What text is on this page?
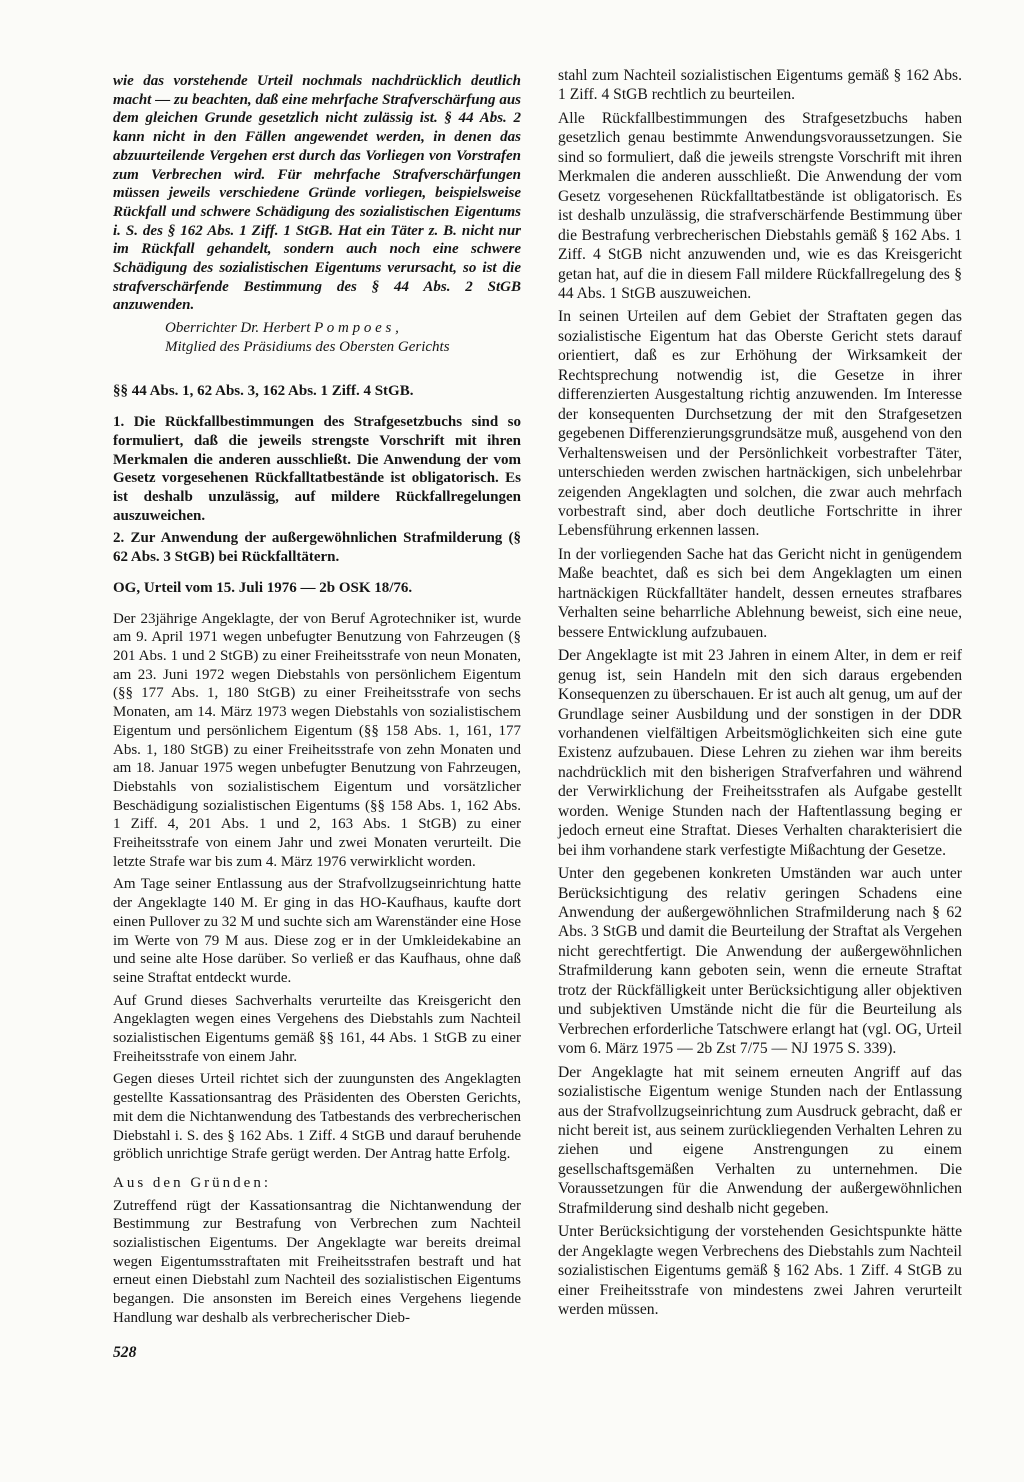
wie das vorstehende Urteil nochmals nachdrücklich deutlich macht — zu beachten, daß eine mehrfache Strafverschärfung aus dem gleichen Grunde gesetzlich nicht zulässig ist. § 44 Abs. 2 kann nicht in den Fällen angewendet werden, in denen das abzuurteilende Vergehen erst durch das Vorliegen von Vorstrafen zum Verbrechen wird. Für mehrfache Strafverschärfungen müssen jeweils verschiedene Gründe vorliegen, beispielsweise Rückfall und schwere Schädigung des sozialistischen Eigentums i. S. des § 162 Abs. 1 Ziff. 1 StGB. Hat ein Täter z. B. nicht nur im Rückfall gehandelt, sondern auch noch eine schwere Schädigung des sozialistischen Eigentums verursacht, so ist die strafverschärfende Bestimmung des § 44 Abs. 2 StGB anzuwenden.

Oberrichter Dr. Herbert P o m p o e s ,
Mitglied des Präsidiums des Obersten Gerichts

§§ 44 Abs. 1, 62 Abs. 3, 162 Abs. 1 Ziff. 4 StGB.

1. Die Rückfallbestimmungen des Strafgesetzbuchs sind so formuliert, daß die jeweils strengste Vorschrift mit ihren Merkmalen die anderen ausschließt. Die Anwendung der vom Gesetz vorgesehenen Rückfalltatbestände ist obligatorisch. Es ist deshalb unzulässig, auf mildere Rückfallregelungen auszuweichen.

2. Zur Anwendung der außergewöhnlichen Strafmilderung (§ 62 Abs. 3 StGB) bei Rückfalltätern.

OG, Urteil vom 15. Juli 1976 — 2b OSK 18/76.

Der 23jährige Angeklagte, der von Beruf Agrotechniker ist, wurde am 9. April 1971 wegen unbefugter Benutzung von Fahrzeugen (§ 201 Abs. 1 und 2 StGB) zu einer Freiheitsstrafe von neun Monaten, am 23. Juni 1972 wegen Diebstahls von persönlichem Eigentum (§§ 177 Abs. 1, 180 StGB) zu einer Freiheitsstrafe von sechs Monaten, am 14. März 1973 wegen Diebstahls von sozialistischem Eigentum und persönlichem Eigentum (§§ 158 Abs. 1, 161, 177 Abs. 1, 180 StGB) zu einer Freiheitsstrafe von zehn Monaten und am 18. Januar 1975 wegen unbefugter Benutzung von Fahrzeugen, Diebstahls von sozialistischem Eigentum und vorsätzlicher Beschädigung sozialistischen Eigentums (§§ 158 Abs. 1, 162 Abs. 1 Ziff. 4, 201 Abs. 1 und 2, 163 Abs. 1 StGB) zu einer Freiheitsstrafe von einem Jahr und zwei Monaten verurteilt. Die letzte Strafe war bis zum 4. März 1976 verwirklicht worden.

Am Tage seiner Entlassung aus der Strafvollzugseinrichtung hatte der Angeklagte 140 M. Er ging in das HO-Kaufhaus, kaufte dort einen Pullover zu 32 M und suchte sich am Warenständer eine Hose im Werte von 79 M aus. Diese zog er in der Umkleidekabine an und seine alte Hose darüber. So verließ er das Kaufhaus, ohne daß seine Straftat entdeckt wurde.

Auf Grund dieses Sachverhalts verurteilte das Kreisgericht den Angeklagten wegen eines Vergehens des Diebstahls zum Nachteil sozialistischen Eigentums gemäß §§ 161, 44 Abs. 1 StGB zu einer Freiheitsstrafe von einem Jahr.

Gegen dieses Urteil richtet sich der zuungunsten des Angeklagten gestellte Kassationsantrag des Präsidenten des Obersten Gerichts, mit dem die Nichtanwendung des Tatbestands des verbrecherischen Diebstahl i. S. des § 162 Abs. 1 Ziff. 4 StGB und darauf beruhende gröblich unrichtige Strafe gerügt werden. Der Antrag hatte Erfolg.

Aus den Gründen:

Zutreffend rügt der Kassationsantrag die Nichtanwendung der Bestimmung zur Bestrafung von Verbrechen zum Nachteil sozialistischen Eigentums. Der Angeklagte war bereits dreimal wegen Eigentumsstraftaten mit Freiheitsstrafen bestraft und hat erneut einen Diebstahl zum Nachteil des sozialistischen Eigentums begangen. Die ansonsten im Bereich eines Vergehens liegende Handlung war deshalb als verbrecherischer Dieb-

stahl zum Nachteil sozialistischen Eigentums gemäß § 162 Abs. 1 Ziff. 4 StGB rechtlich zu beurteilen.

Alle Rückfallbestimmungen des Strafgesetzbuchs haben gesetzlich genau bestimmte Anwendungsvoraussetzungen. Sie sind so formuliert, daß die jeweils strengste Vorschrift mit ihren Merkmalen die anderen ausschließt. Die Anwendung der vom Gesetz vorgesehenen Rückfalltatbestände ist obligatorisch. Es ist deshalb unzulässig, die strafverschärfende Bestimmung über die Bestrafung verbrecherischen Diebstahls gemäß § 162 Abs. 1 Ziff. 4 StGB nicht anzuwenden und, wie es das Kreisgericht getan hat, auf die in diesem Fall mildere Rückfallregelung des § 44 Abs. 1 StGB auszuweichen.

In seinen Urteilen auf dem Gebiet der Straftaten gegen das sozialistische Eigentum hat das Oberste Gericht stets darauf orientiert, daß es zur Erhöhung der Wirksamkeit der Rechtsprechung notwendig ist, die Gesetze in ihrer differenzierten Ausgestaltung richtig anzuwenden. Im Interesse der konsequenten Durchsetzung der mit den Strafgesetzen gegebenen Differenzierungsgrundsätze muß, ausgehend von den Verhaltensweisen und der Persönlichkeit vorbestrafter Täter, unterschieden werden zwischen hartnäckigen, sich unbelehrbar zeigenden Angeklagten und solchen, die zwar auch mehrfach vorbestraft sind, aber doch deutliche Fortschritte in ihrer Lebensführung erkennen lassen.

In der vorliegenden Sache hat das Gericht nicht in genügendem Maße beachtet, daß es sich bei dem Angeklagten um einen hartnäckigen Rückfalltäter handelt, dessen erneutes strafbares Verhalten seine beharrliche Ablehnung beweist, sich eine neue, bessere Entwicklung aufzubauen.

Der Angeklagte ist mit 23 Jahren in einem Alter, in dem er reif genug ist, sein Handeln mit den sich daraus ergebenden Konsequenzen zu überschauen. Er ist auch alt genug, um auf der Grundlage seiner Ausbildung und der sonstigen in der DDR vorhandenen vielfältigen Arbeitsmöglichkeiten sich eine gute Existenz aufzubauen. Diese Lehren zu ziehen war ihm bereits nachdrücklich mit den bisherigen Strafverfahren und während der Verwirklichung der Freiheitsstrafen als Aufgabe gestellt worden. Wenige Stunden nach der Haftentlassung beging er jedoch erneut eine Straftat. Dieses Verhalten charakterisiert die bei ihm vorhandene stark verfestigte Mißachtung der Gesetze.

Unter den gegebenen konkreten Umständen war auch unter Berücksichtigung des relativ geringen Schadens eine Anwendung der außergewöhnlichen Strafmilderung nach § 62 Abs. 3 StGB und damit die Beurteilung der Straftat als Vergehen nicht gerechtfertigt. Die Anwendung der außergewöhnlichen Strafmilderung kann geboten sein, wenn die erneute Straftat trotz der Rückfälligkeit unter Berücksichtigung aller objektiven und subjektiven Umstände nicht die für die Beurteilung als Verbrechen erforderliche Tatschwere erlangt hat (vgl. OG, Urteil vom 6. März 1975 — 2b Zst 7/75 — NJ 1975 S. 339).

Der Angeklagte hat mit seinem erneuten Angriff auf das sozialistische Eigentum wenige Stunden nach der Entlassung aus der Strafvollzugseinrichtung zum Ausdruck gebracht, daß er nicht bereit ist, aus seinem zurückliegenden Verhalten Lehren zu ziehen und eigene Anstrengungen zu einem gesellschaftsgemäßen Verhalten zu unternehmen. Die Voraussetzungen für die Anwendung der außergewöhnlichen Strafmilderung sind deshalb nicht gegeben.

Unter Berücksichtigung der vorstehenden Gesichtspunkte hätte der Angeklagte wegen Verbrechens des Diebstahls zum Nachteil sozialistischen Eigentums gemäß § 162 Abs. 1 Ziff. 4 StGB zu einer Freiheitsstrafe von mindestens zwei Jahren verurteilt werden müssen.

528
